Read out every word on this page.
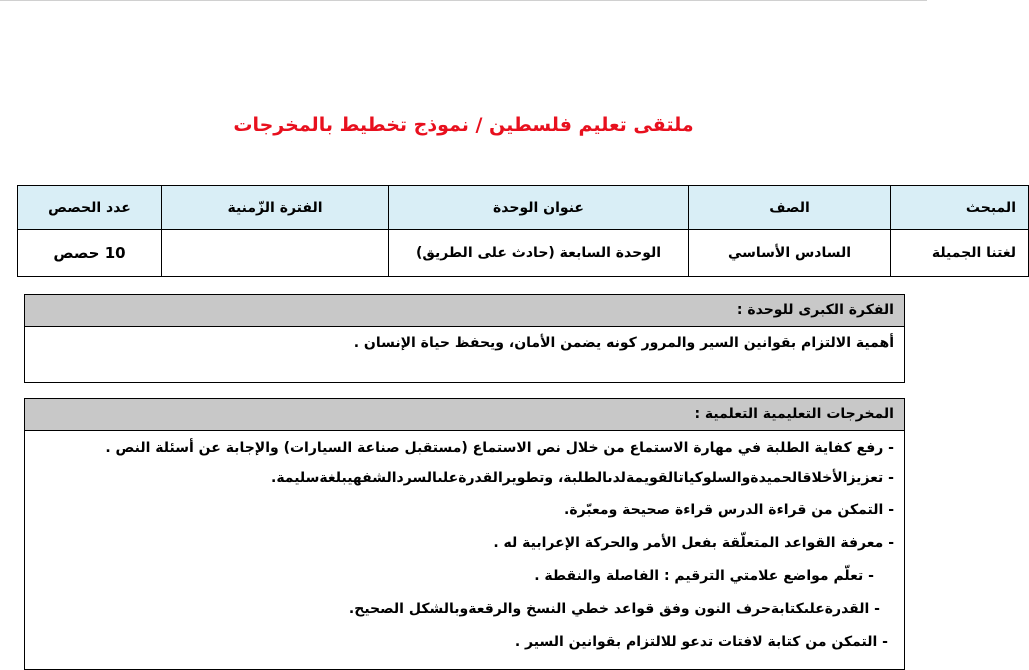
ملتقى تعليم فلسطين / نموذج تخطيط بالمخرجات
المبحث	الصف	عنوان الوحدة	الفترة الزّمنية	عدد الحصص
لغتنا الجميلة	السادس الأساسي	الوحدة السابعة (حادث على الطريق)		10 حصص
الفكرة الكبرى للوحدة :
أهمية الالتزام بقوانين السير والمرور كونه يضمن الأمان، ويحفظ حياة الإنسان .
المخرجات التعليمية التعلمية :
- رفع كفاية الطلبة في مهارة الاستماع من خلال نص الاستماع (مستقبل صناعة السيارات) والإجابة عن أسئلة النص .
- تعزيزالأخلاقالحميدةوالسلوكياتالقويمةلدىالطلبة، وتطويرالقدرةعلىالسردالشفهيبلغةسليمة.
- التمكن من قراءة الدرس قراءة صحيحة ومعبّرة.
- معرفة القواعد المتعلّقة بفعل الأمر والحركة الإعرابية له .
- تعلّم مواضع علامتي الترقيم : الفاصلة والنقطة .
- القدرةعلىكتابةحرف النون وفق قواعد خطي النسخ والرقعةوبالشكل الصحيح.
- التمكن من كتابة لافتات تدعو للالتزام بقوانين السير .
